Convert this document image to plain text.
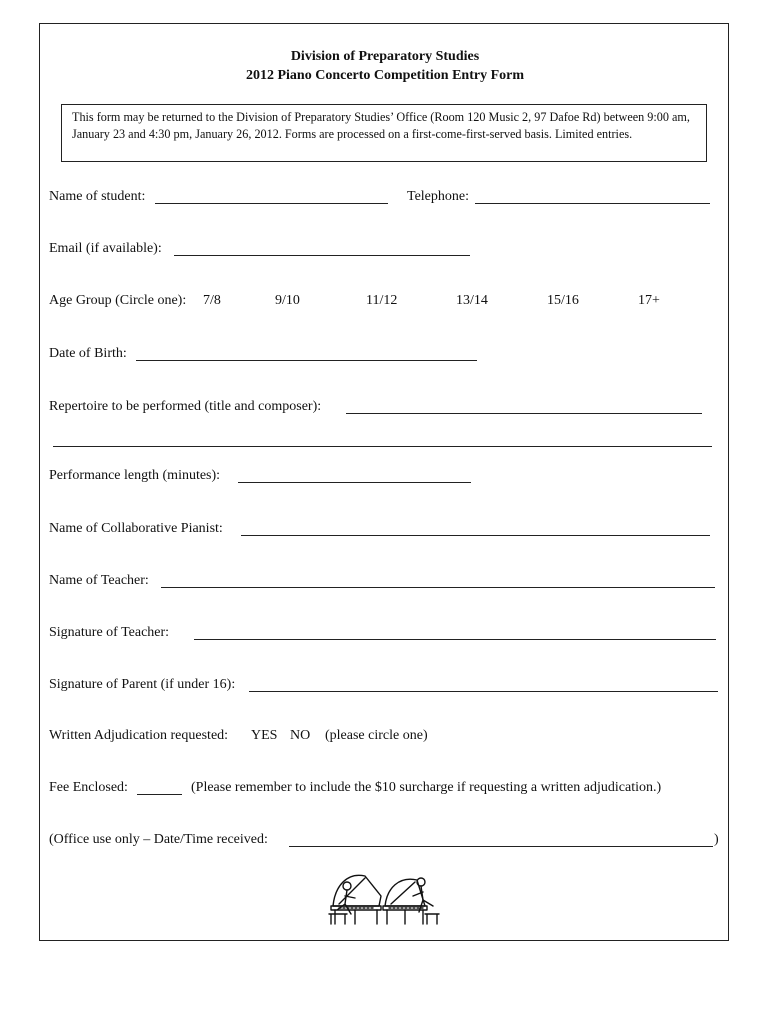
Division of Preparatory Studies
2012 Piano Concerto Competition Entry Form
This form may be returned to the Division of Preparatory Studies’ Office (Room 120 Music 2, 97 Dafoe Rd) between 9:00 am, January 23 and 4:30 pm, January 26, 2012. Forms are processed on a first-come-first-served basis. Limited entries.
Name of student:	Telephone:
Email (if available):
Age Group (Circle one): 7/8	9/10	11/12	13/14	15/16	17+
Date of Birth:
Repertoire to be performed (title and composer):
Performance length (minutes):
Name of Collaborative Pianist:
Name of Teacher:
Signature of Teacher:
Signature of Parent (if under 16):
Written Adjudication requested: YES NO (please circle one)
Fee Enclosed:	(Please remember to include the $10 surcharge if requesting a written adjudication.)
(Office use only – Date/Time received:	)
